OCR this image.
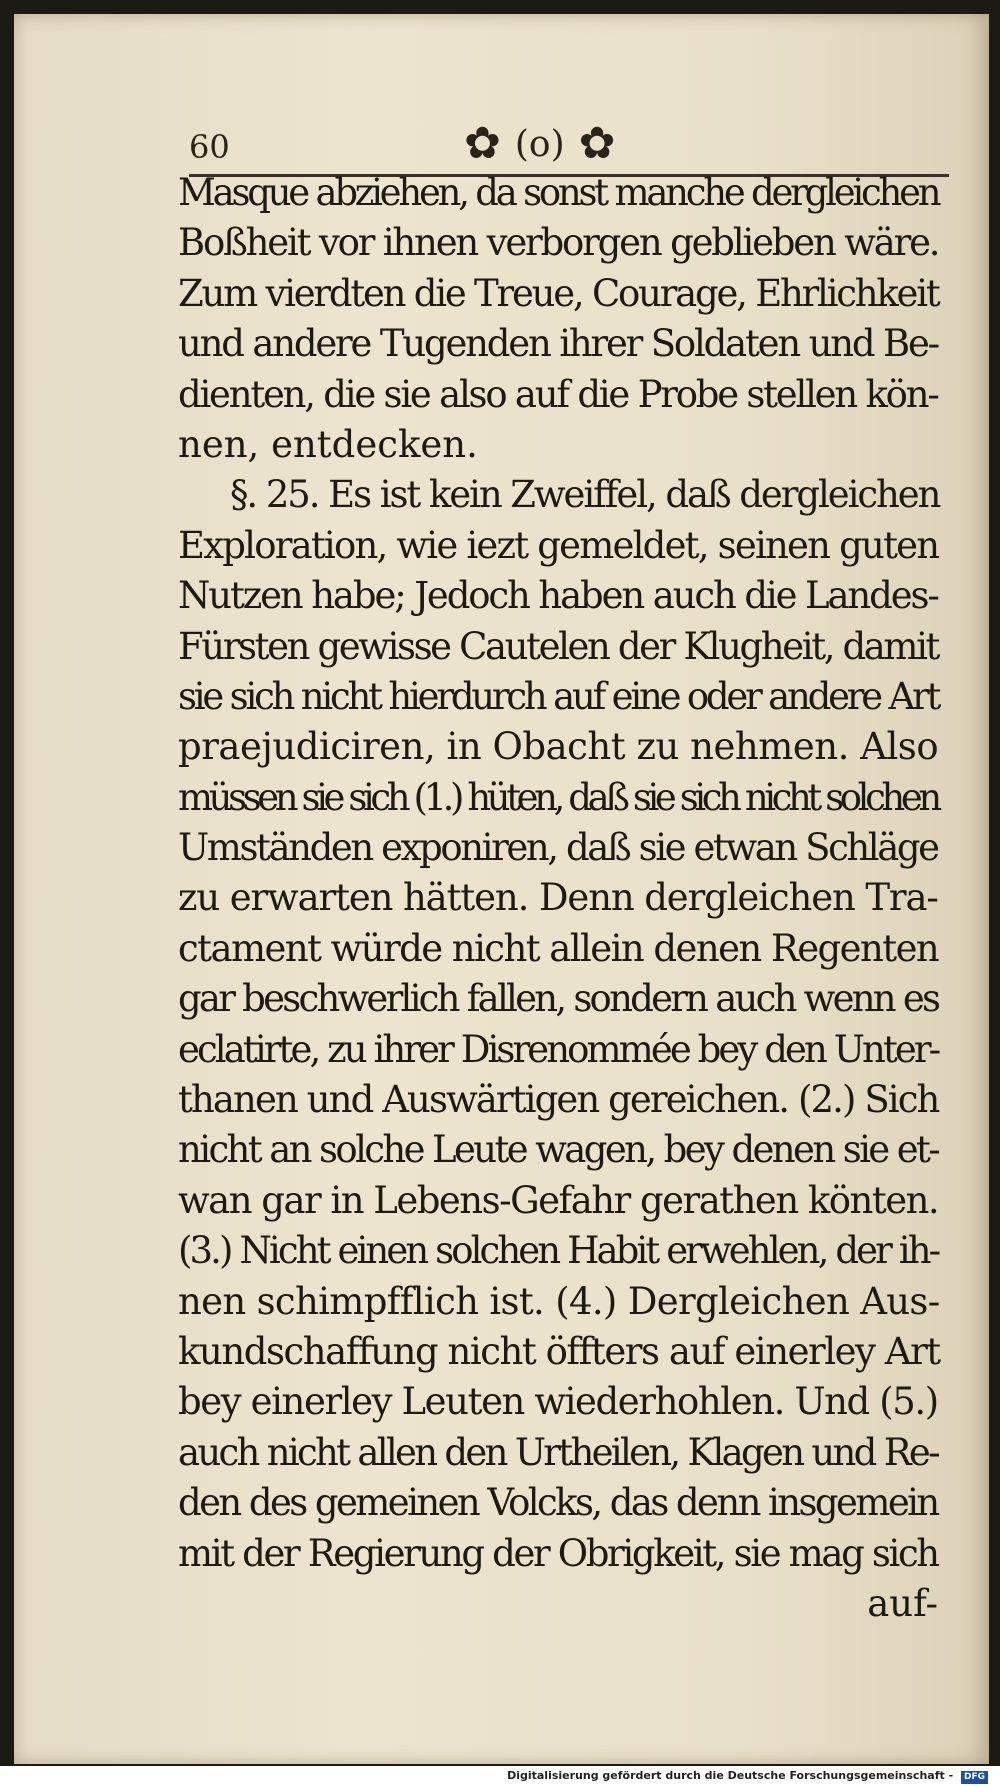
60	✿ (o) ✿
Masque abziehen, da sonst manche dergleichen
Boßheit vor ihnen verborgen geblieben wäre.
Zum vierdten die Treue, Courage, Ehrlichkeit
und andere Tugenden ihrer Soldaten und Be-
dienten, die sie also auf die Probe stellen kön-
nen, entdecken.
§. 25. Es ist kein Zweiffel, daß dergleichen
Exploration, wie iezt gemeldet, seinen guten
Nutzen habe; Jedoch haben auch die Landes-
Fürsten gewisse Cautelen der Klugheit, damit
sie sich nicht hierdurch auf eine oder andere Art
praejudiciren, in Obacht zu nehmen. Also
müssen sie sich (1.) hüten, daß sie sich nicht solchen
Umständen exponiren, daß sie etwan Schläge
zu erwarten hätten. Denn dergleichen Tra-
ctament würde nicht allein denen Regenten
gar beschwerlich fallen, sondern auch wenn es
eclatirte, zu ihrer Disrenommée bey den Unter-
thanen und Auswärtigen gereichen. (2.) Sich
nicht an solche Leute wagen, bey denen sie et-
wan gar in Lebens-Gefahr gerathen könten.
(3.) Nicht einen solchen Habit erwehlen, der ih-
nen schimpfflich ist. (4.) Dergleichen Aus-
kundschaffung nicht öffters auf einerley Art
bey einerley Leuten wiederhohlen. Und (5.)
auch nicht allen den Urtheilen, Klagen und Re-
den des gemeinen Volcks, das denn insgemein
mit der Regierung der Obrigkeit, sie mag sich
auf-
Digitalisierung gefördert durch die Deutsche Forschungsgemeinschaft - DFG
